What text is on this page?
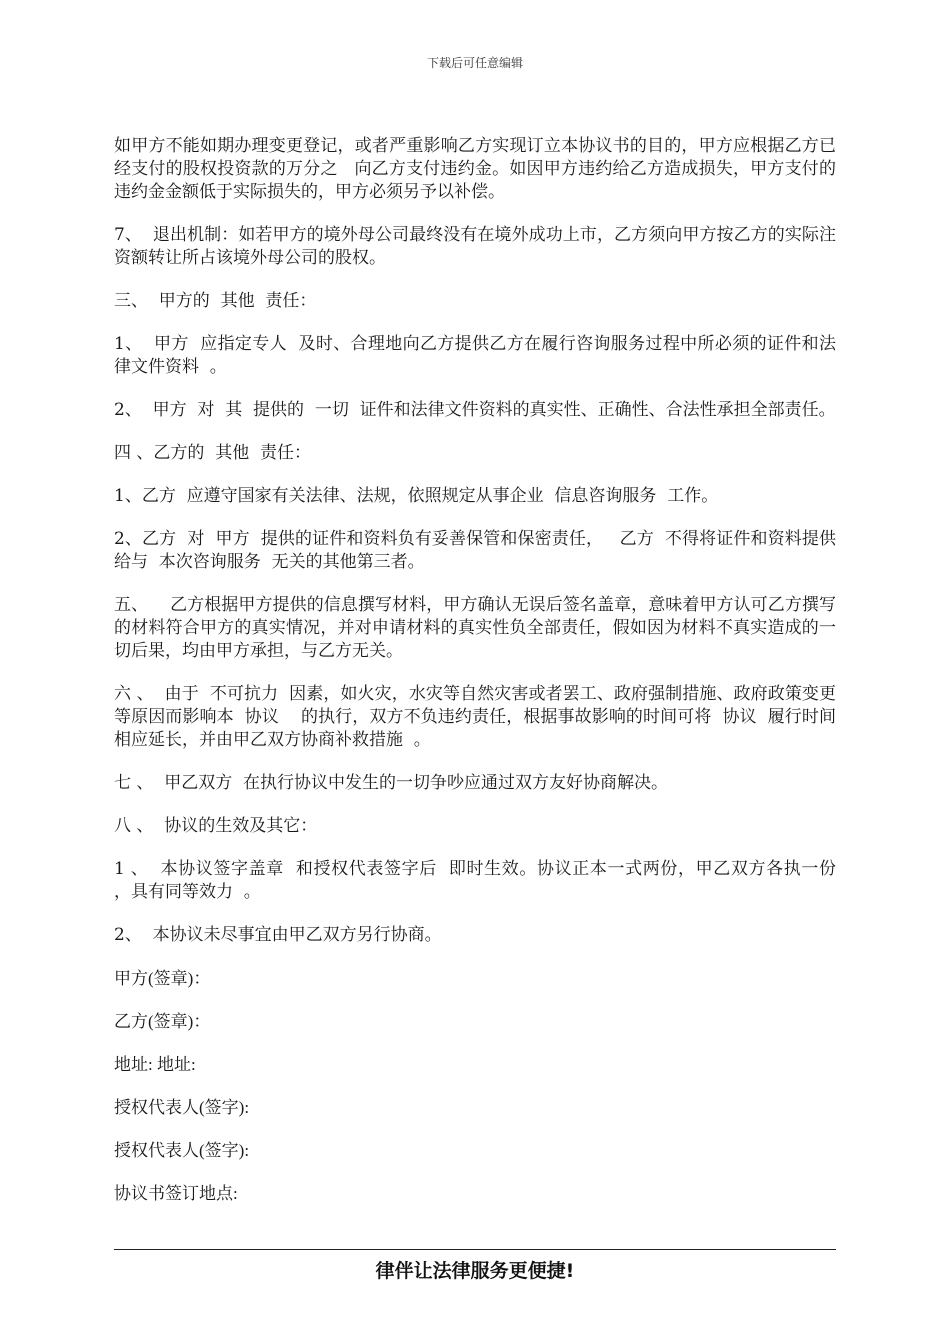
下载后可任意编辑

如甲方不能如期办理变更登记，或者严重影响乙方实现订立本协议书的目的，甲方应根据乙方已经支付的股权投资款的万分之   向乙方支付违约金。如因甲方违约给乙方造成损失，甲方支付的违约金金额低于实际损失的，甲方必须另予以补偿。

7、  退出机制：如若甲方的境外母公司最终没有在境外成功上市，乙方须向甲方按乙方的实际注资额转让所占该境外母公司的股权。

三、  甲方的  其他  责任：

1、  甲方  应指定专人  及时、合理地向乙方提供乙方在履行咨询服务过程中所必须的证件和法律文件资料  。

2、  甲方  对  其  提供的  一切  证件和法律文件资料的真实性、正确性、合法性承担全部责任。

四 、乙方的  其他  责任：

1、乙方  应遵守国家有关法律、法规，依照规定从事企业  信息咨询服务  工作。

2、乙方  对  甲方  提供的证件和资料负有妥善保管和保密责任，   乙方  不得将证件和资料提供给与  本次咨询服务  无关的其他第三者。

五、    乙方根据甲方提供的信息撰写材料，甲方确认无误后签名盖章，意味着甲方认可乙方撰写的材料符合甲方的真实情况，并对申请材料的真实性负全部责任，假如因为材料不真实造成的一切后果，均由甲方承担，与乙方无关。

六 、  由于  不可抗力  因素，如火灾，水灾等自然灾害或者罢工、政府强制措施、政府政策变更等原因而影响本  协议    的执行，双方不负违约责任，根据事故影响的时间可将  协议  履行时间相应延长，并由甲乙双方协商补救措施  。

七 、  甲乙双方  在执行协议中发生的一切争吵应通过双方友好协商解决。

八 、  协议的生效及其它：

1 、  本协议签字盖章  和授权代表签字后  即时生效。协议正本一式两份，甲乙双方各执一份  ，具有同等效力  。

2、  本协议未尽事宜由甲乙双方另行协商。

甲方(签章)：
乙方(签章)：
地址: 地址:
授权代表人(签字):
授权代表人(签字):
协议书签订地点:
律伴让法律服务更便捷!
